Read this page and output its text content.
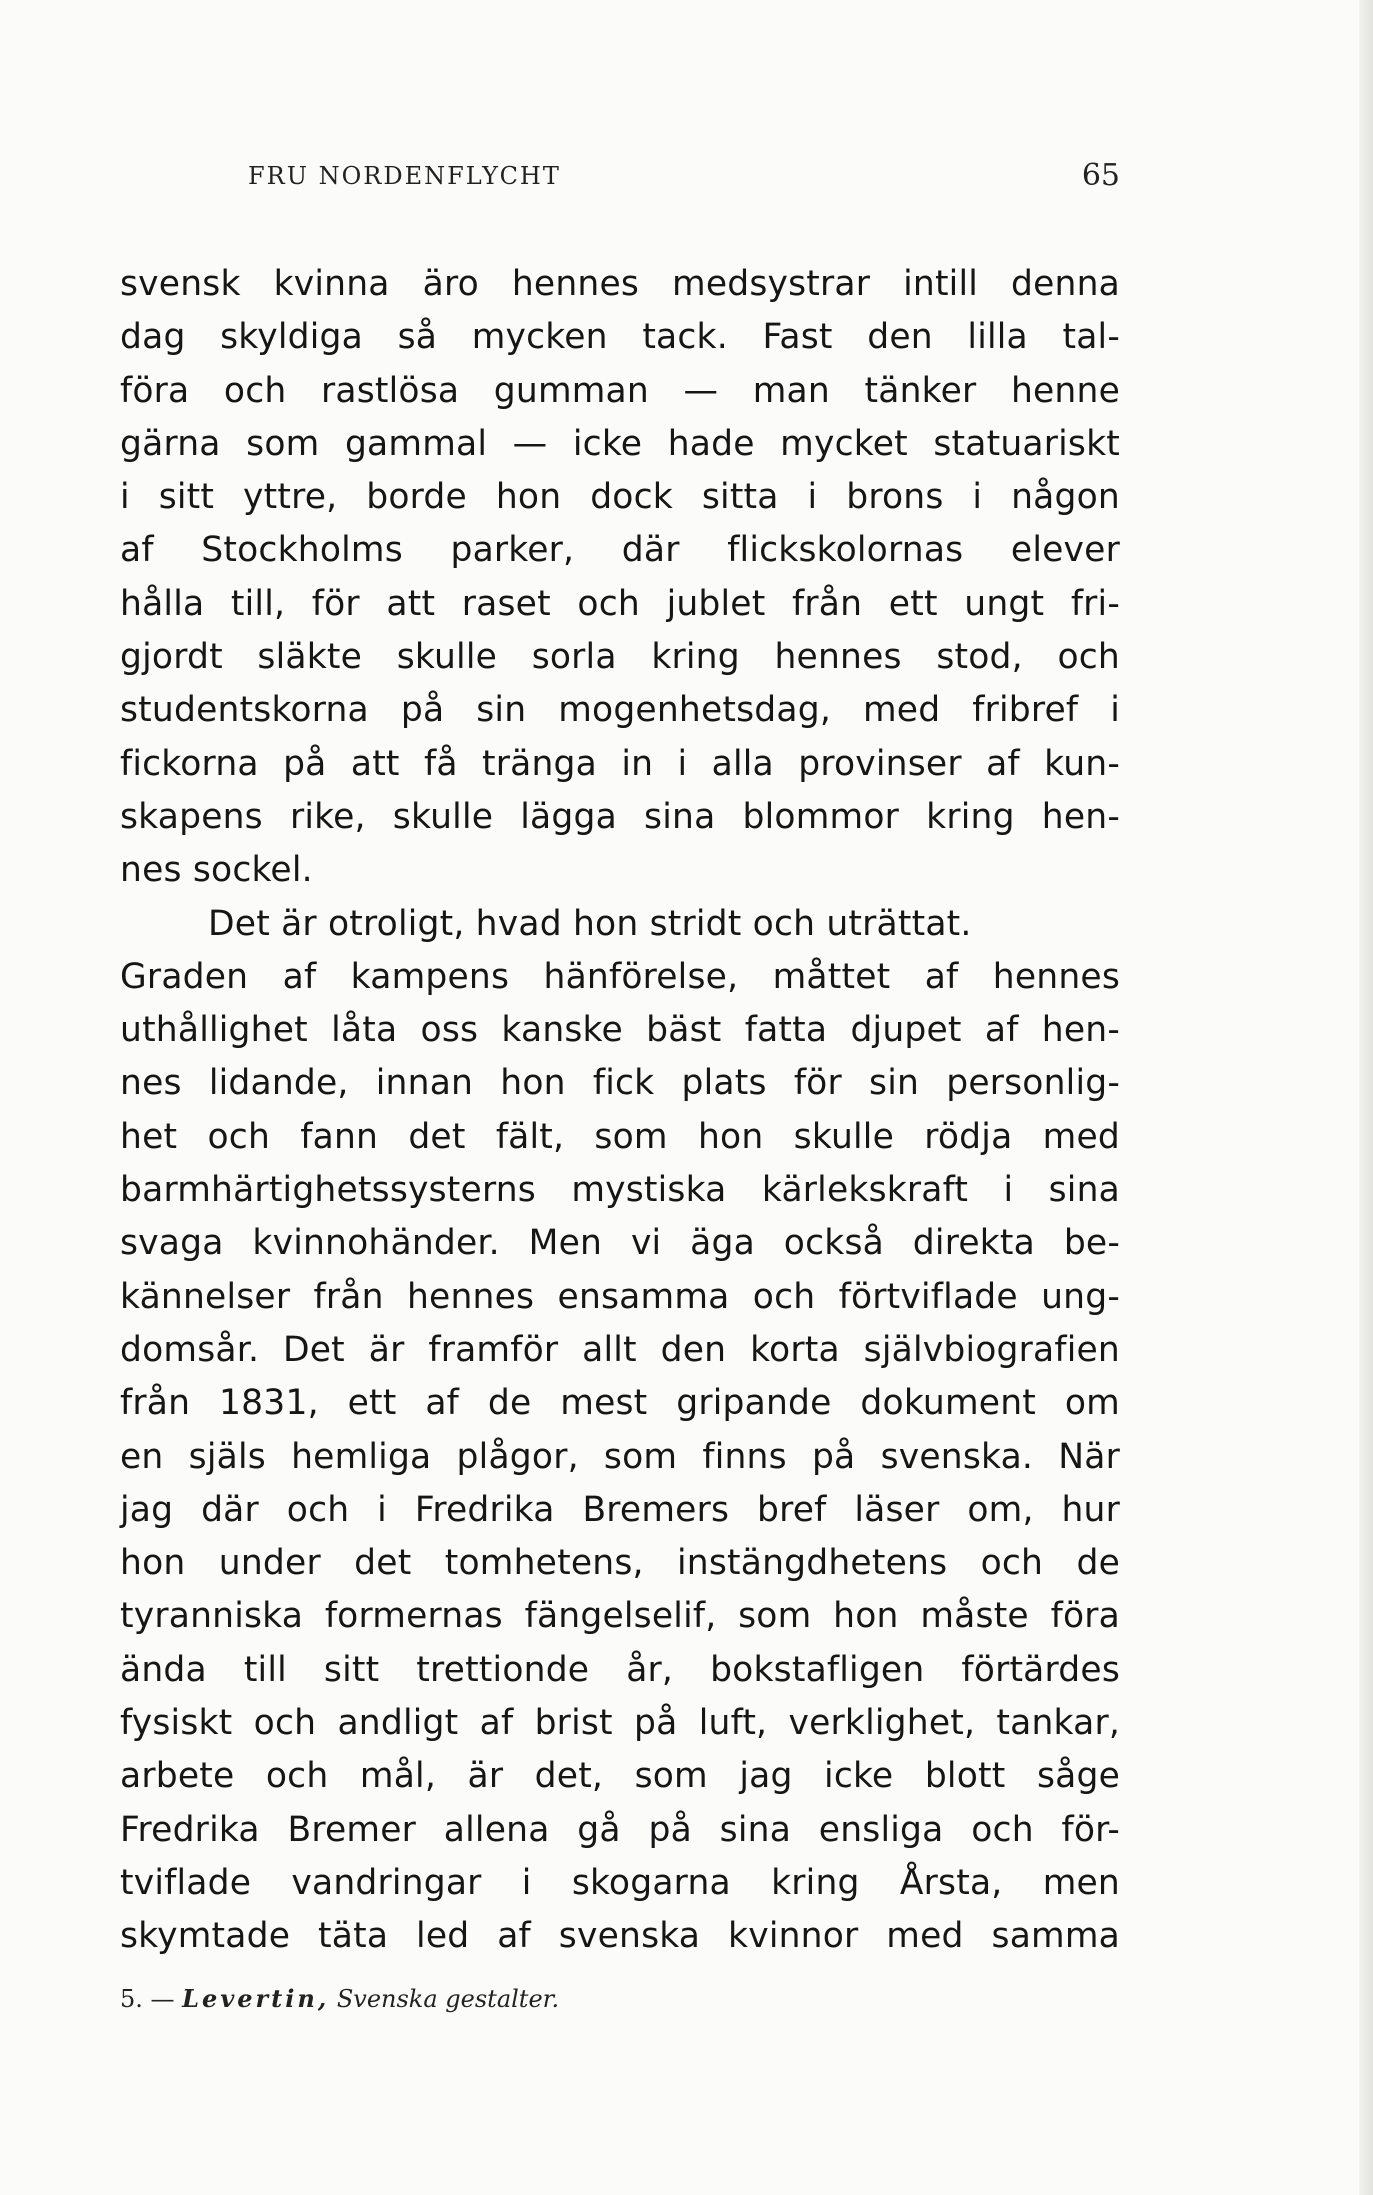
FRU NORDENFLYCHT	65
svensk kvinna äro hennes medsystrar intill denna
dag skyldiga så mycken tack. Fast den lilla tal-
föra och rastlösa gumman — man tänker henne
gärna som gammal — icke hade mycket statuariskt
i sitt yttre, borde hon dock sitta i brons i någon
af Stockholms parker, där flickskolornas elever
hålla till, för att raset och jublet från ett ungt fri-
gjordt släkte skulle sorla kring hennes stod, och
studentskorna på sin mogenhetsdag, med fribref i
fickorna på att få tränga in i alla provinser af kun-
skapens rike, skulle lägga sina blommor kring hen-
nes sockel.
Det är otroligt, hvad hon stridt och uträttat.
Graden af kampens hänförelse, måttet af hennes
uthållighet låta oss kanske bäst fatta djupet af hen-
nes lidande, innan hon fick plats för sin personlig-
het och fann det fält, som hon skulle rödja med
barmhärtighetssysterns mystiska kärlekskraft i sina
svaga kvinnohänder. Men vi äga också direkta be-
kännelser från hennes ensamma och förtviflade ung-
domsår. Det är framför allt den korta självbiografien
från 1831, ett af de mest gripande dokument om
en själs hemliga plågor, som finns på svenska. När
jag där och i Fredrika Bremers bref läser om, hur
hon under det tomhetens, instängdhetens och de
tyranniska formernas fängelselif, som hon måste föra
ända till sitt trettionde år, bokstafligen förtärdes
fysiskt och andligt af brist på luft, verklighet, tankar,
arbete och mål, är det, som jag icke blott såge
Fredrika Bremer allena gå på sina ensliga och för-
tviflade vandringar i skogarna kring Årsta, men
skymtade täta led af svenska kvinnor med samma
5. — Levertin, Svenska gestalter.
